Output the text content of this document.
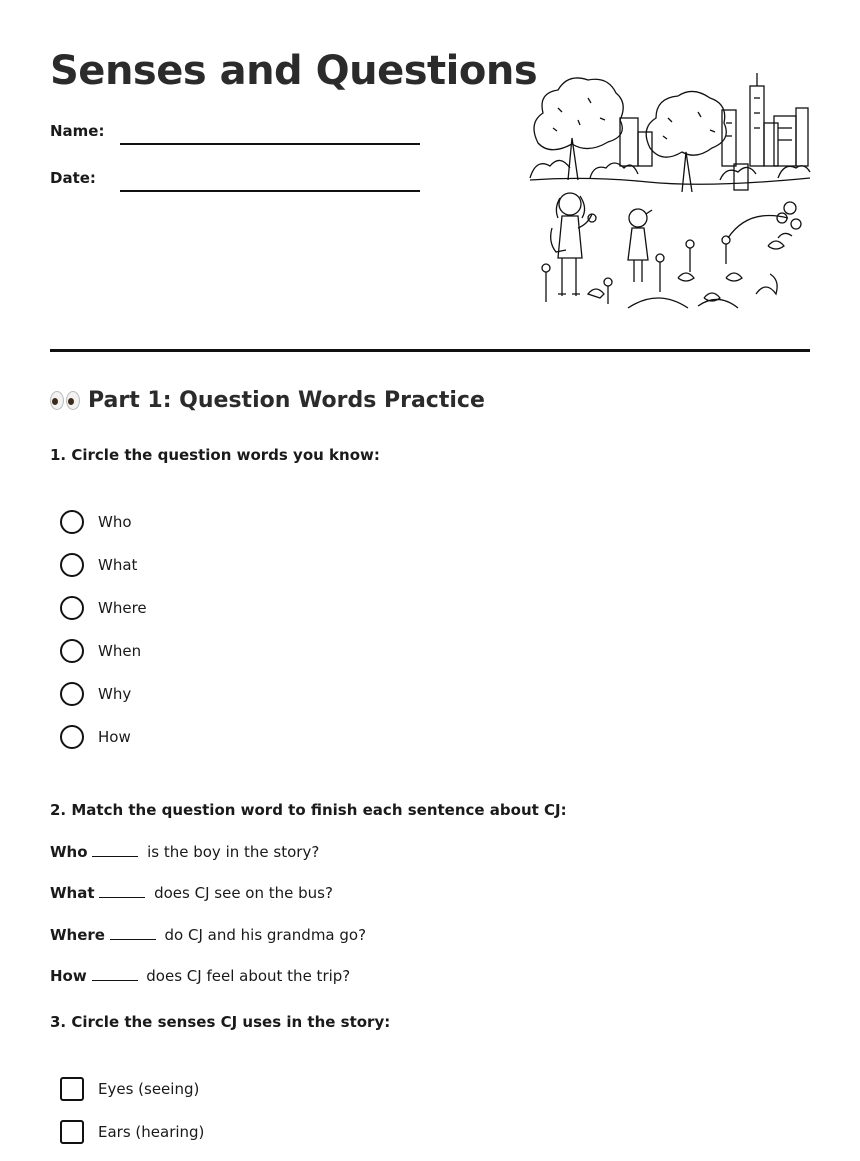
Senses and Questions
Name:
Date:
Part 1: Question Words Practice

1. Circle the question words you know:

Who
What
Where
When
Why
How

2. Match the question word to finish each sentence about CJ:

Who	is the boy in the story?
What	does CJ see on the bus?
Where	do CJ and his grandma go?
How	does CJ feel about the trip?

3. Circle the senses CJ uses in the story:

Eyes (seeing)
Ears (hearing)
